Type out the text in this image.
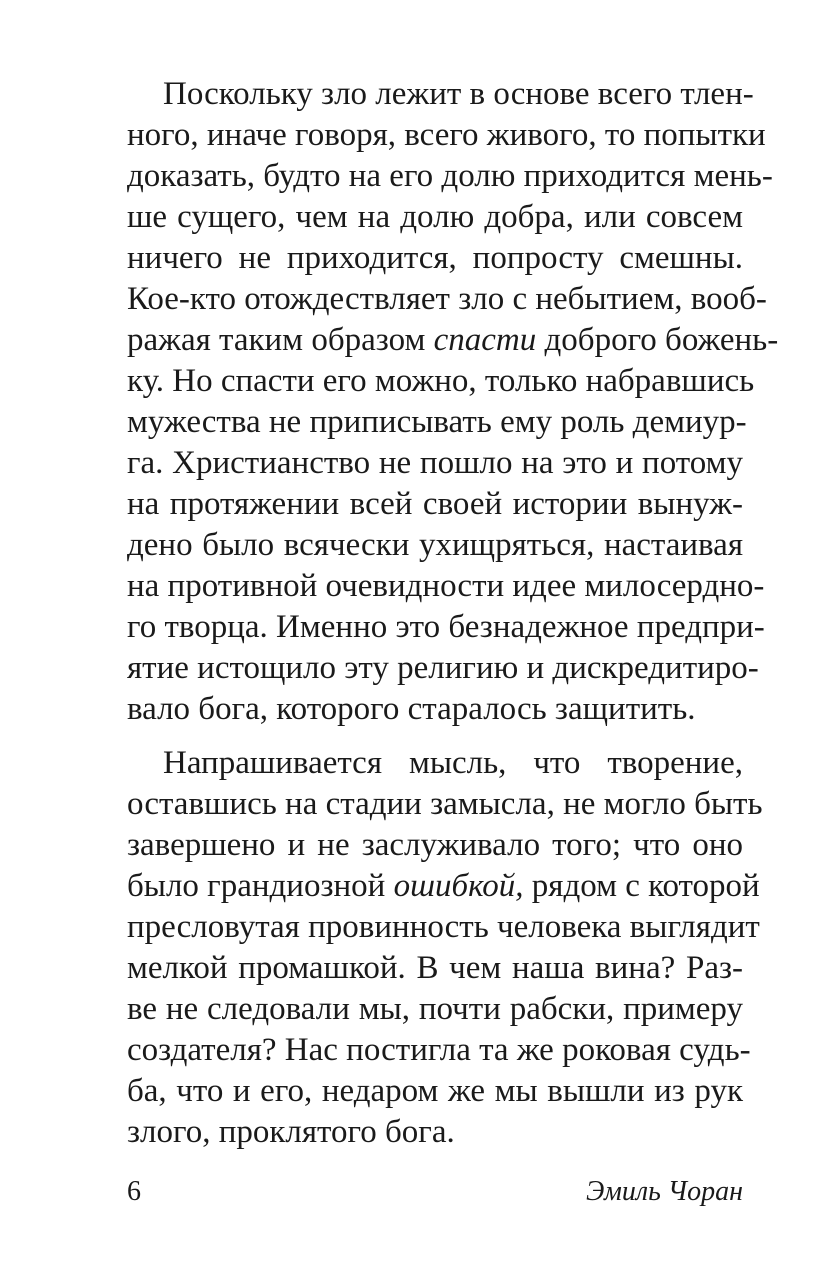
Поскольку зло лежит в основе всего тлен-
ного, иначе говоря, всего живого, то попытки
доказать, будто на его долю приходится мень-
ше сущего, чем на долю добра, или совсем
ничего не приходится, попросту смешны.
Кое-кто отождествляет зло с небытием, вооб-
ражая таким образом спасти доброго божень-
ку. Но спасти его можно, только набравшись
мужества не приписывать ему роль демиур-
га. Христианство не пошло на это и потому
на протяжении всей своей истории вынуж-
дено было всячески ухищряться, настаивая
на противной очевидности идее милосердно-
го творца. Именно это безнадежное предпри-
ятие истощило эту религию и дискредитиро-
вало бога, которого старалось защитить.

Напрашивается мысль, что творение,
оставшись на стадии замысла, не могло быть
завершено и не заслуживало того; что оно
было грандиозной ошибкой, рядом с которой
пресловутая провинность человека выглядит
мелкой промашкой. В чем наша вина? Раз-
ве не следовали мы, почти рабски, примеру
создателя? Нас постигла та же роковая судь-
ба, что и его, недаром же мы вышли из рук
злого, проклятого бога.

6	Эмиль Чоран
